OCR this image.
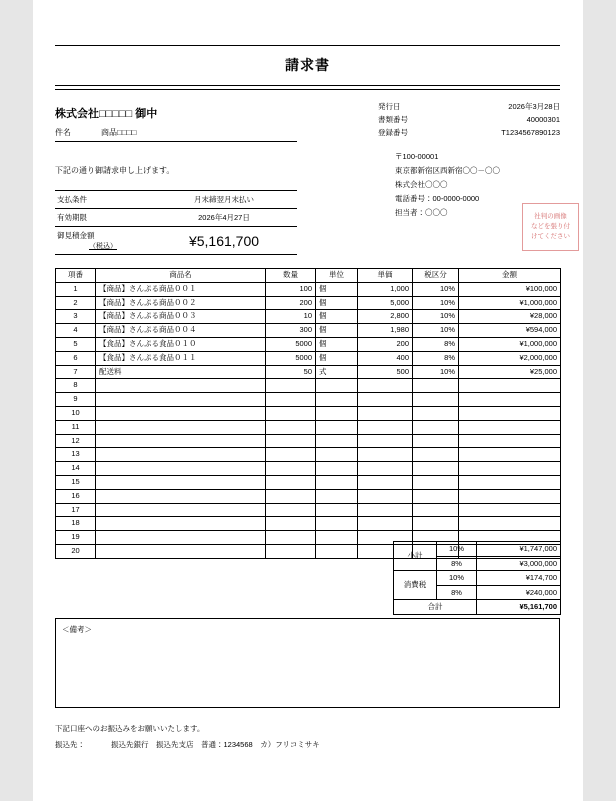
請求書
株式会社□□□□□ 御中
件名	商品□□□□
下記の通り御請求申し上げます。
支払条件	月末締翌月末払い
有効期限	2026年4月27日

御見積金額
（税込）	¥5,161,700
発行日	2026年3月28日
書類番号	40000301
登録番号	T1234567890123
〒100-00001
東京都新宿区西新宿〇〇－〇〇
株式会社〇〇〇
電話番号：00-0000-0000
担当者：〇〇〇	社判の画像
などを張り付
けてください
項番	商品名	数量	単位	単価	税区分	金額
1	【商品】さんぷる商品００１	100	個	1,000	10%	¥100,000
2	【商品】さんぷる商品００２	200	個	5,000	10%	¥1,000,000
3	【商品】さんぷる商品００３	10	個	2,800	10%	¥28,000
4	【商品】さんぷる商品００４	300	個	1,980	10%	¥594,000
5	【食品】さんぷる食品０１０	5000	個	200	8%	¥1,000,000
6	【食品】さんぷる食品０１１	5000	個	400	8%	¥2,000,000
7	配送料	50	式	500	10%	¥25,000
8						
9						
10						
11						
12						
13						
14						
15						
16						
17						
18						
19						
20						
小計	10%	¥1,747,000
	8%	¥3,000,000
消費税	10%	¥174,700
	8%	¥240,000
合計		¥5,161,700
＜備考＞
下記口座へのお振込みをお願いいたします。
振込先：	振込先銀行　振込先支店　普通：1234568　カ）フリコミサキ
